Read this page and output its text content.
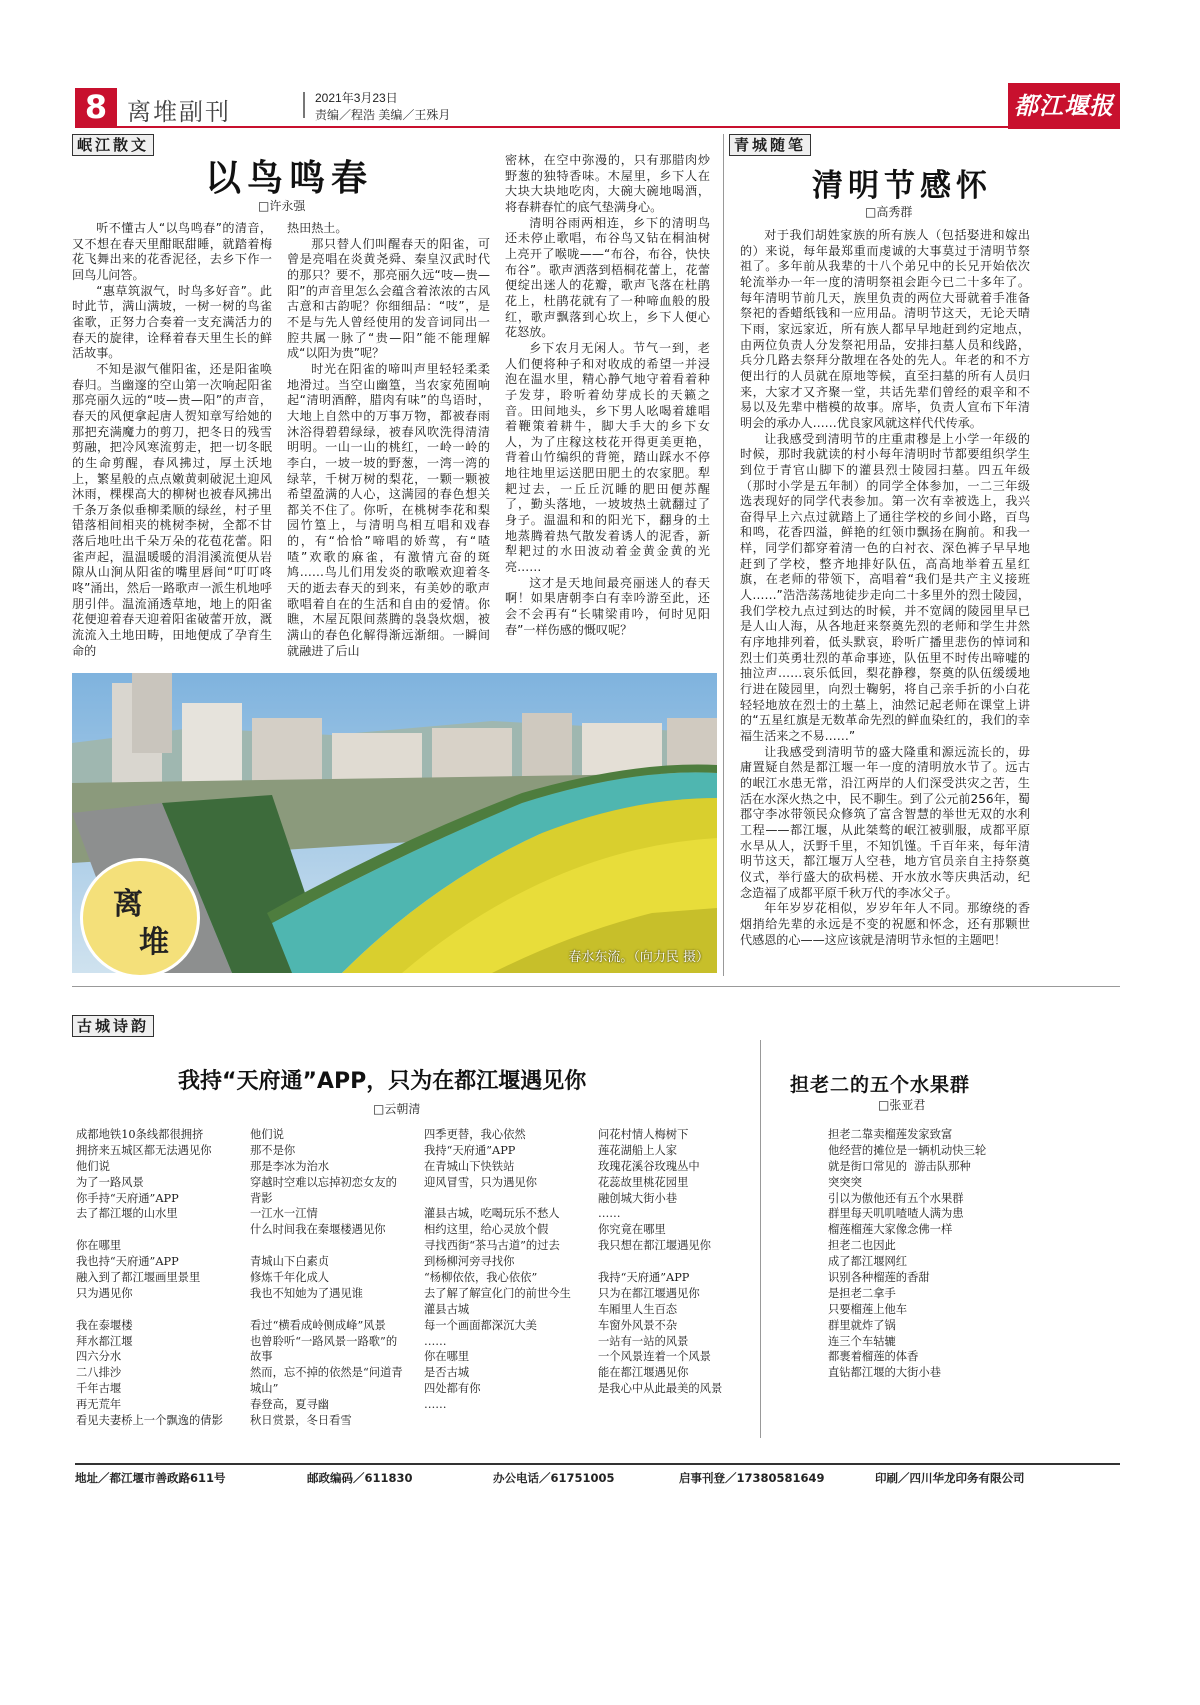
8 离堆副刊	2021年3月23日
责编／程浩 美编／王殊月	都江堰报
岷江散文
以鸟鸣春
□ 许永强

听不懂古人“以鸟鸣春”的清音，又不想在春天里酣眠甜睡，就踏着梅花飞舞出来的花香泥径，去乡下作一回鸟儿问答。

“惠草筑淑气，时鸟多好音”。此时此节，满山满坡，一树一树的鸟雀雀歌，正努力合奏着一支充满活力的春天的旋律，诠释着春天里生长的鲜活故事。

不知是淑气催阳雀，还是阳雀唤春归。当幽邃的空山第一次响起阳雀那亮丽久远的“吱—贵—阳”的声音，春天的风便拿起唐人贺知章写给她的那把充满魔力的剪刀，把冬日的残雪剪融，把冷风寒流剪走，把一切冬眠的生命剪醒，春风拂过，厚土沃地上，繁星般的点点嫩黄刺破泥土迎风沐雨，棵棵高大的柳树也被春风拂出千条万条似垂柳柔顺的绿丝，村子里错落相间相夹的桃树李树，全都不甘落后地吐出千朵万朵的花苞花蕾。阳雀声起，温温暖暖的涓涓溪流便从岩隙从山涧从阳雀的嘴里唇间“叮叮咚咚”涌出，然后一路歌声一派生机地呼朋引伴。温流涌透草地，地上的阳雀花便迎着春天迎着阳雀破蕾开放，溉流流入土地田畴，田地便成了孕育生命的

热田热土。

那只替人们叫醒春天的阳雀，可曾是亮唱在炎黄尧舜、秦皇汉武时代的那只？要不，那亮丽久远“吱—贵—阳”的声音里怎么会蕴含着浓浓的古风古意和古韵呢？你细细品：“吱”，是不是与先人曾经使用的发音词同出一腔共属一脉了“贵—阳”能不能理解成“以阳为贵”呢？

时光在阳雀的啼叫声里轻轻柔柔地滑过。当空山幽篁，当农家苑囿响起“清明酒醉，腊肉有味”的鸟语时，大地上自然中的万事万物，都被春雨沐浴得碧碧绿绿，被春风吹洗得清清明明。一山一山的桃红，一岭一岭的李白，一坡一坡的野葱，一湾一湾的绿苹，千树万树的梨花，一颗一颗被希望盈满的人心，这满园的春色想关都关不住了。你听，在桃树李花和梨园竹篁上，与清明鸟相互唱和戏春的，有“恰恰”啼唱的娇莺，有“喳喳”欢歌的麻雀，有激情亢奋的斑鸠……鸟儿们用发炎的歌喉欢迎着冬天的逝去春天的到来，有美妙的歌声歌唱着自在的生活和自由的爱情。你瞧，木屋瓦限间蒸腾的袅袅炊烟，被满山的春色化解得渐远渐细。一瞬间就融进了后山

密林，在空中弥漫的，只有那腊肉炒野葱的独特香味。木屋里，乡下人在大块大块地吃肉，大碗大碗地喝酒，将春耕春忙的底气垫满身心。

清明谷雨两相连，乡下的清明鸟还未停止歌唱，布谷鸟又钻在桐油树上亮开了喉咙——“布谷，布谷，快快布谷”。歌声洒落到梧桐花蕾上，花蕾便绽出迷人的花瓣，歌声飞落在杜鹃花上，杜鹃花就有了一种啼血般的殷红，歌声飘落到心坎上，乡下人便心花怒放。

乡下农月无闲人。节气一到，老人们便将种子和对收成的希望一并浸泡在温水里，精心静气地守着看着种子发芽，聆听着幼芽成长的天籁之音。田间地头，乡下男人吆喝着雄唱着鞭策着耕牛，脚大手大的乡下女人，为了庄稼这枝花开得更美更艳，背着山竹编织的背篼，踏山踩水不停地往地里运送肥田肥土的农家肥。犁耙过去，一丘丘沉睡的肥田便苏醒了，勤头落地，一坡坡热土就翻过了身子。温温和和的阳光下，翻身的土地蒸腾着热气散发着诱人的泥香，新犁耙过的水田波动着金黄金黄的光亮……

这才是天地间最亮丽迷人的春天啊！如果唐朝李白有幸吟游至此，还会不会再有“长啸梁甫吟，何时见阳春”一样伤感的慨叹呢？

春水东流。（向力民 摄）
离
堆
青城随笔
清明节感怀
□ 高秀群

对于我们胡姓家族的所有族人（包括娶进和嫁出的）来说，每年最郑重而虔诚的大事莫过于清明节祭祖了。多年前从我辈的十八个弟兄中的长兄开始依次轮流举办一年一度的清明祭祖会距今已二十多年了。每年清明节前几天，族里负责的两位大哥就着手准备祭祀的香蜡纸钱和一应用品。清明节这天，无论天晴下雨，家远家近，所有族人都早早地赶到约定地点，由两位负责人分发祭祀用品，安排扫墓人员和线路，兵分几路去祭拜分散埋在各处的先人。年老的和不方便出行的人员就在原地等候，直至扫墓的所有人员归来，大家才又齐聚一堂，共话先辈们曾经的艰辛和不易以及先辈中楷模的故事。席毕，负责人宣布下年清明会的承办人……优良家风就这样代代传承。

让我感受到清明节的庄重肃穆是上小学一年级的时候，那时我就读的村小每年清明时节都要组织学生到位于青官山脚下的灌县烈士陵园扫墓。四五年级（那时小学是五年制）的同学全体参加，一二三年级选表现好的同学代表参加。第一次有幸被选上，我兴奋得早上六点过就踏上了通往学校的乡间小路，百鸟和鸣，花香四溢，鲜艳的红领巾飘扬在胸前。和我一样，同学们都穿着清一色的白衬衣、深色裤子早早地赶到了学校，整齐地排好队伍，高高地举着五星红旗，在老师的带领下，高唱着“我们是共产主义接班人……”浩浩荡荡地徒步走向二十多里外的烈士陵园，我们学校九点过到达的时候，并不宽阔的陵园里早已是人山人海，从各地赶来祭奠先烈的老师和学生井然有序地排列着，低头默哀，聆听广播里悲伤的悼词和烈士们英勇壮烈的革命事迹，队伍里不时传出啼嘘的抽泣声……哀乐低回，梨花静穆，祭奠的队伍缓缓地行进在陵园里，向烈士鞠躬，将自己亲手折的小白花轻轻地放在烈士的土墓上，油然记起老师在课堂上讲的“五星红旗是无数革命先烈的鲜血染红的，我们的幸福生活来之不易……”

让我感受到清明节的盛大隆重和源远流长的，毋庸置疑自然是都江堰一年一度的清明放水节了。远古的岷江水患无常，沿江两岸的人们深受洪灾之苦，生活在水深火热之中，民不聊生。到了公元前256年，蜀郡守李冰带领民众修筑了富含智慧的举世无双的水利工程——都江堰，从此桀骜的岷江被驯服，成都平原水旱从人，沃野千里，不知饥馑。千百年来，每年清明节这天，都江堰万人空巷，地方官员亲自主持祭奠仪式，举行盛大的砍杩槎、开水放水等庆典活动，纪念造福了成都平原千秋万代的李冰父子。

年年岁岁花相似，岁岁年年人不同。那缭绕的香烟捎给先辈的永远是不变的祝愿和怀念，还有那颗世代感恩的心——这应该就是清明节永恒的主题吧！

古城诗韵
我持“天府通”APP，只为在都江堰遇见你
□ 云朝清
成都地铁10条线都很拥挤
拥挤来五城区都无法遇见你
他们说
为了一路风景
你手持“天府通”APP
去了都江堰的山水里
你在哪里
我也持“天府通”APP
融入到了都江堰画里景里
只为遇见你
我在泰堰楼
拜水都江堰
四六分水
二八排沙
千年古堰
再无荒年
看见夫妻桥上一个飘逸的倩影
他们说
那不是你
那是李冰为治水
穿越时空难以忘掉初恋女友的
背影
一江水一江情
什么时间我在秦堰楼遇见你
青城山下白素贞
修炼千年化成人
我也不知她为了遇见谁
看过“横看成岭侧成峰”风景
也曾聆听“一路风景一路歌”的
故事
然而，忘不掉的依然是“问道青
城山”
春登高，夏寻幽
秋日赏景，冬日看雪
四季更替，我心依然
我持“天府通”APP
在青城山下快铁站
迎风冒雪，只为遇见你
灌县古城，吃喝玩乐不愁人
相约这里，给心灵放个假
寻找西街“茶马古道”的过去
到杨柳河旁寻找你
“杨柳依依，我心依依”
去了解了解宣化门的前世今生
灌县古城
每一个画面都深沉大美
……
你在哪里
是否古城
四处都有你
……
问花村情人梅树下
莲花湖船上人家
玫瑰花溪谷玫瑰丛中
花蕊故里桃花园里
融创城大街小巷
……
你究竟在哪里
我只想在都江堰遇见你
我持“天府通”APP
只为在都江堰遇见你
车厢里人生百态
车窗外风景不杂
一站有一站的风景
一个风景连着一个风景
能在都江堰遇见你
是我心中从此最美的风景
担老二的五个水果群
□ 张亚君
担老二靠卖榴莲发家致富
他经营的摊位是一辆机动快三轮
就是街口常见的  游击队那种
突突突
引以为傲他还有五个水果群
群里每天叽叽喳喳人满为患
榴莲榴莲大家像念佛一样
担老二也因此
成了都江堰网红
识别各种榴莲的香甜
是担老二拿手
只要榴莲上他车
群里就炸了锅
连三个车轱辘
都裹着榴莲的体香
直钻都江堰的大街小巷
地址／都江堰市善政路611号	邮政编码／611830	办公电话／61751005	启事刊登／17380581649	印刷／四川华龙印务有限公司
